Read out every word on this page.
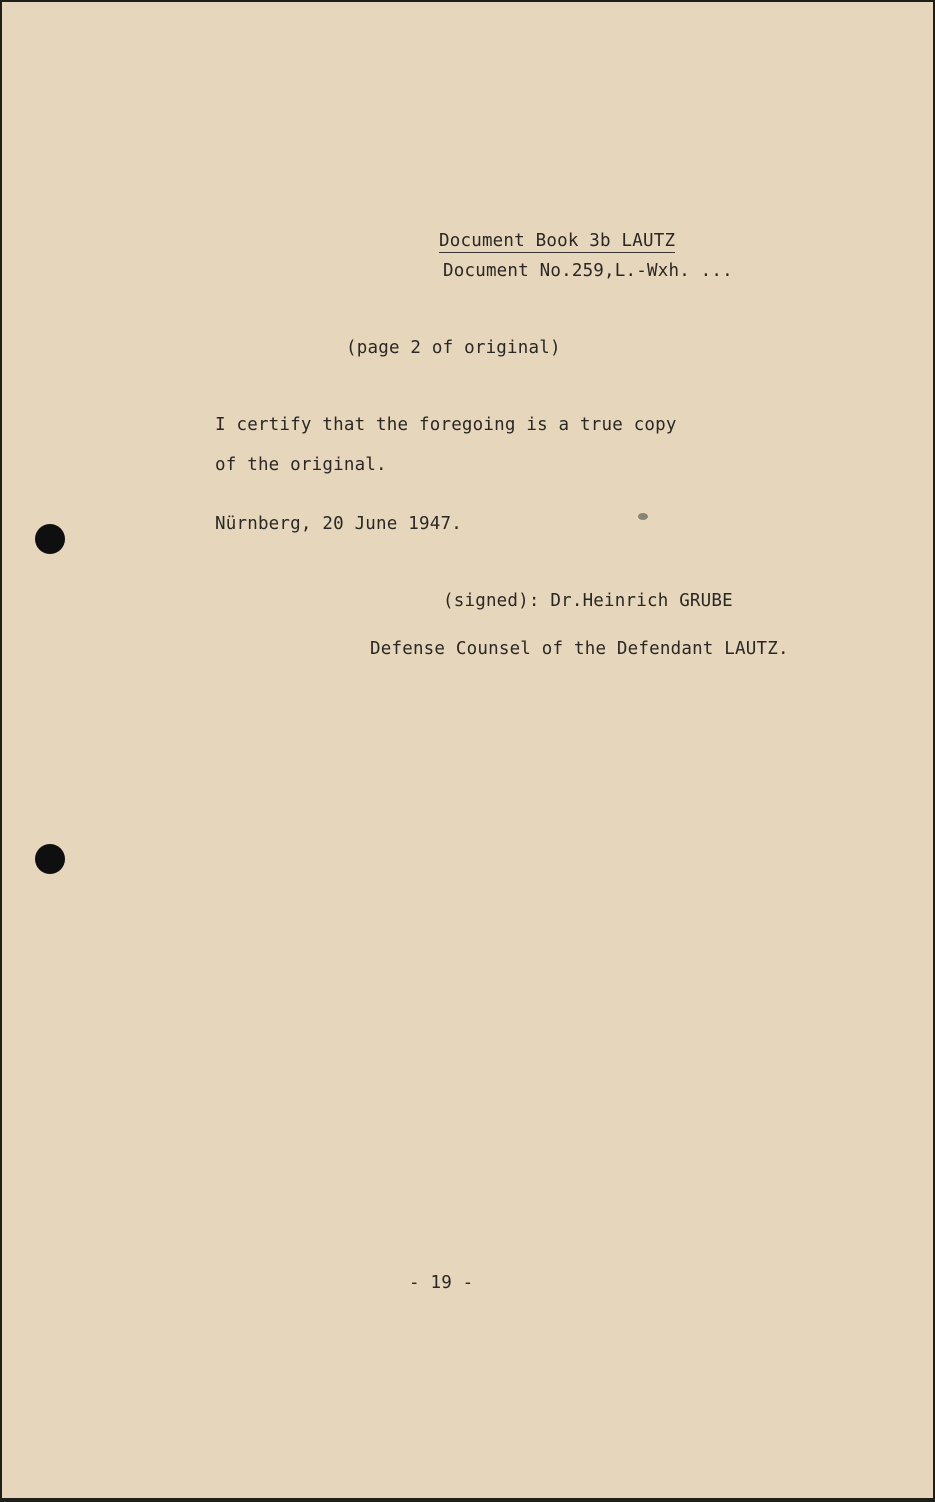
Document Book 3b LAUTZ
Document No.259,L.-Wxh. ...
(page 2 of original)
I certify that the foregoing is a true copy
of the original.
Nürnberg, 20 June 1947.
(signed): Dr.Heinrich GRUBE
Defense Counsel of the Defendant LAUTZ.
- 19 -
